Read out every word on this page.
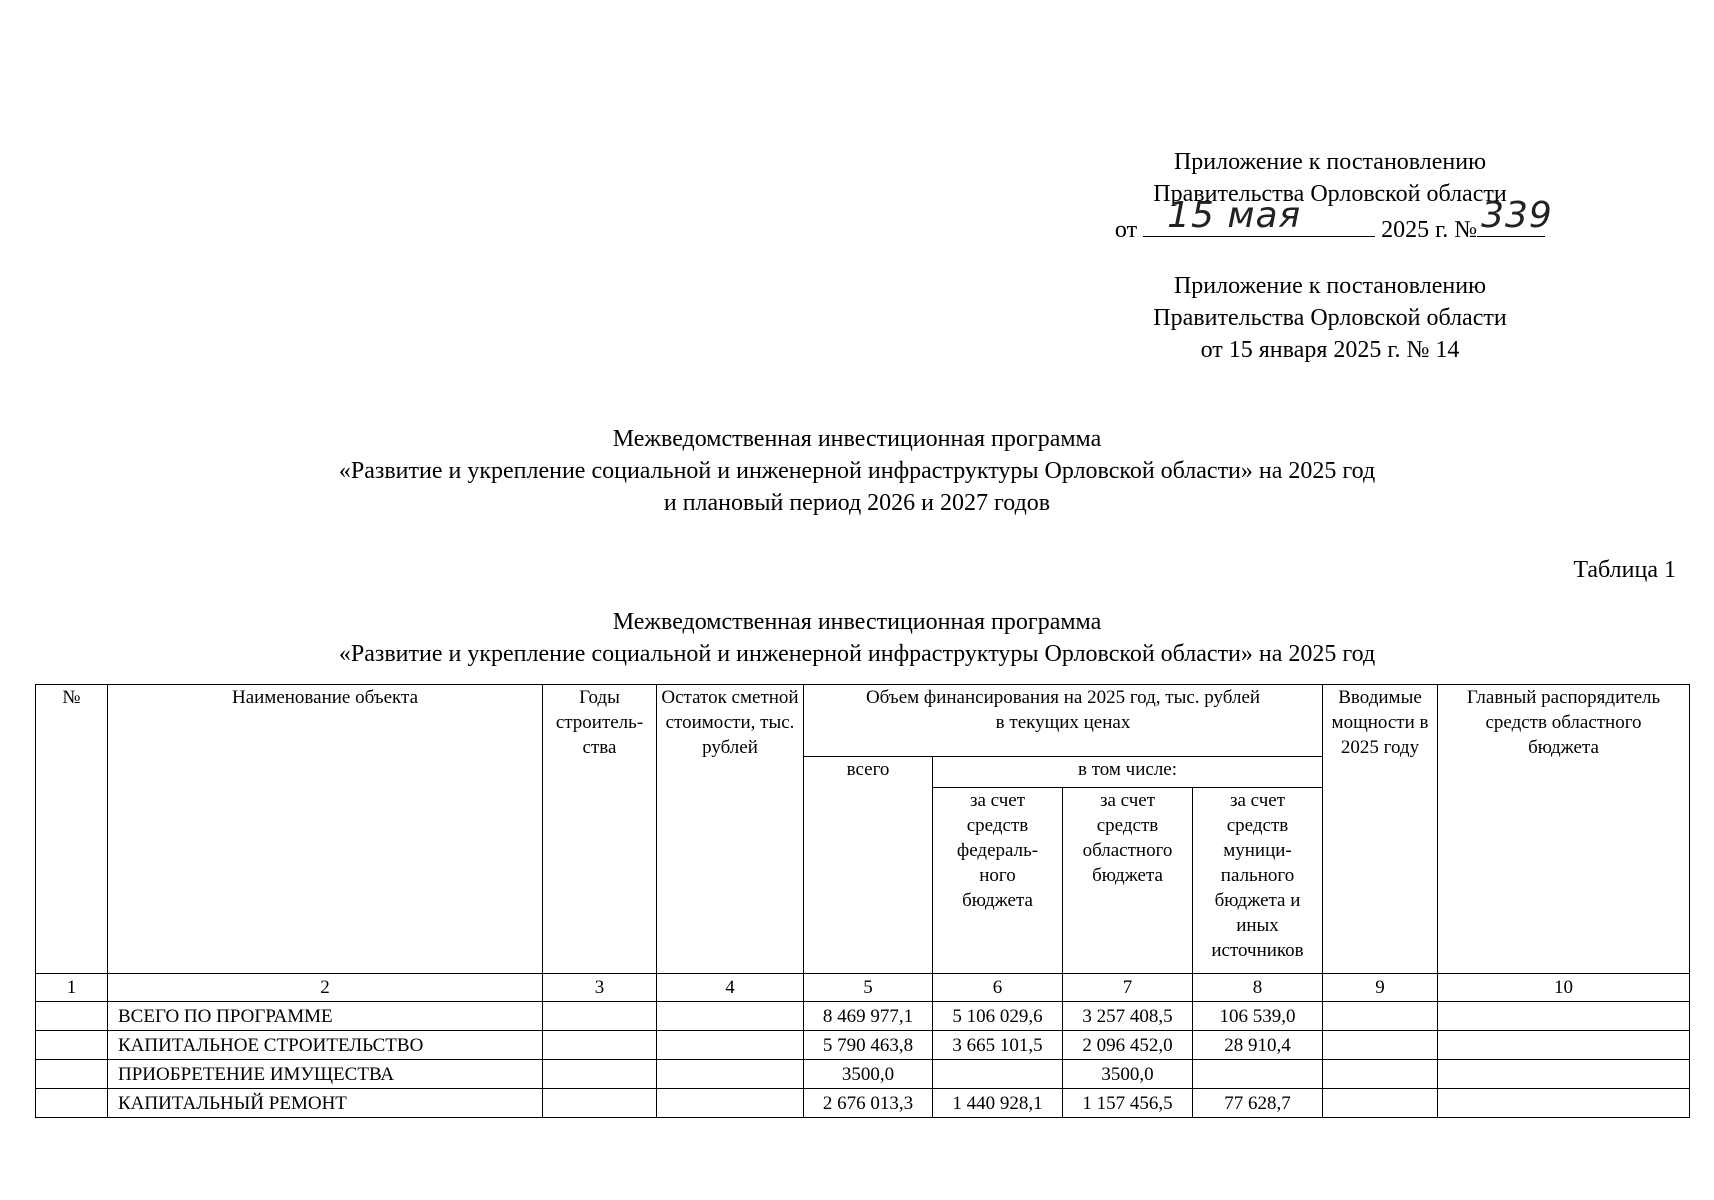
Приложение к постановлению
Правительства Орловской области
от 15 мая	2025 г. № 339
Приложение к постановлению
Правительства Орловской области
от 15 января 2025 г. № 14
Межведомственная инвестиционная программа
«Развитие и укрепление социальной и инженерной инфраструктуры Орловской области» на 2025 год
и плановый период 2026 и 2027 годов
Таблица 1
Межведомственная инвестиционная программа
«Развитие и укрепление социальной и инженерной инфраструктуры Орловской области» на 2025 год
№	Наименование объекта	Годы строитель-ства	Остаток сметной стоимости, тыс. рублей	Объем финансирования на 2025 год, тыс. рублей в текущих ценах				Вводимые мощности в 2025 году	Главный распорядитель средств областного бюджета
				всего	в том числе:				
					за счет средств федераль-ного бюджета	за счет средств областного бюджета	за счет средств муници-пального бюджета и иных источников		
1	2	3	4	5	6	7	8	9	10
	ВСЕГО ПО ПРОГРАММЕ			8 469 977,1	5 106 029,6	3 257 408,5	106 539,0		
	КАПИТАЛЬНОЕ СТРОИТЕЛЬСТВО			5 790 463,8	3 665 101,5	2 096 452,0	28 910,4		
	ПРИОБРЕТЕНИЕ ИМУЩЕСТВА			3500,0		3500,0			
	КАПИТАЛЬНЫЙ РЕМОНТ			2 676 013,3	1 440 928,1	1 157 456,5	77 628,7		
